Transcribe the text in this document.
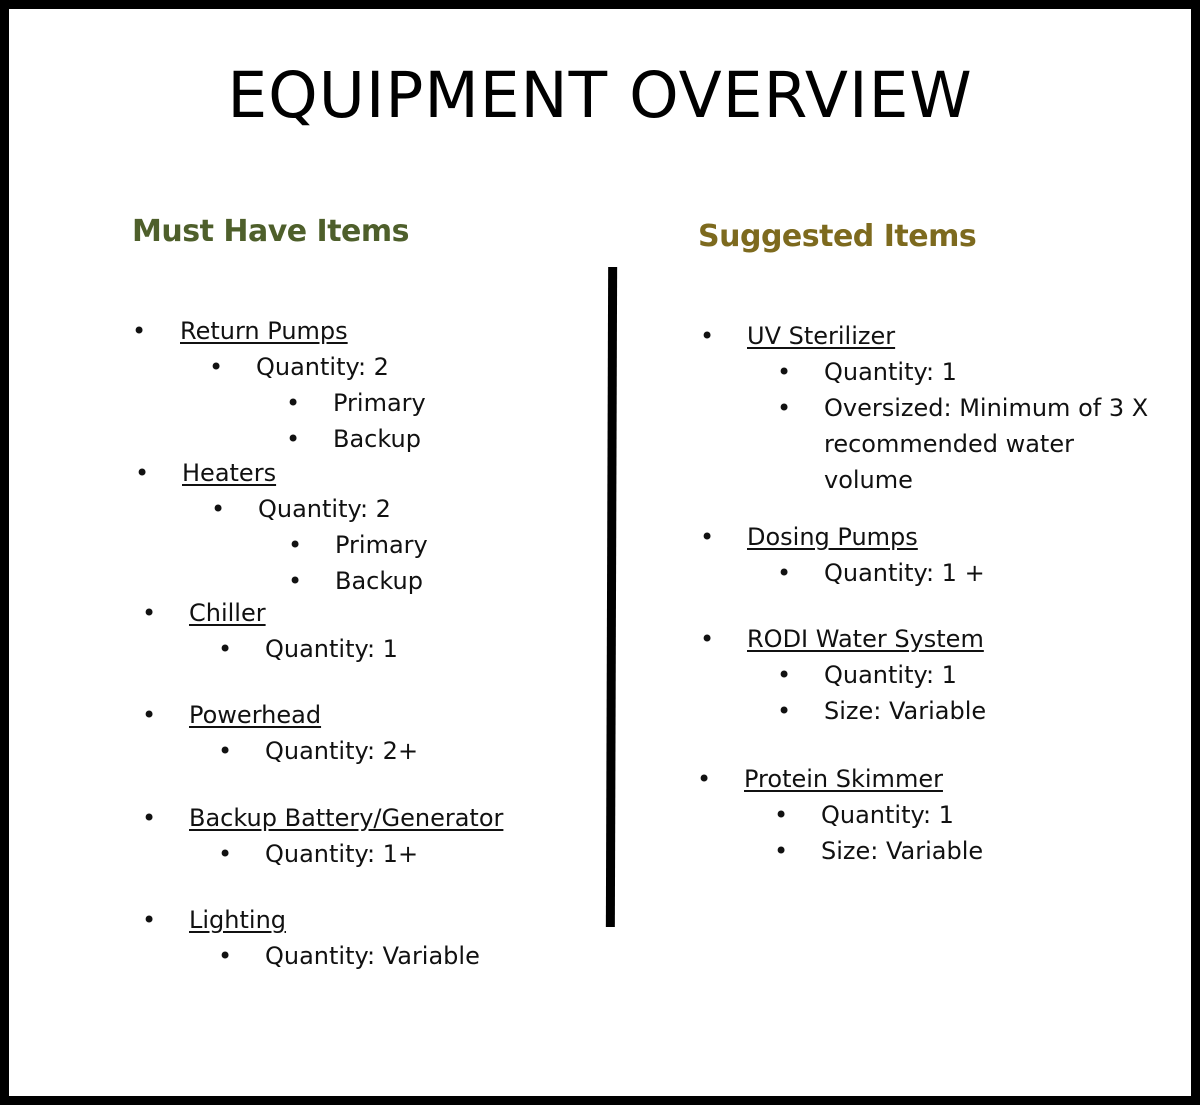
EQUIPMENT OVERVIEW
Must Have Items	Suggested Items
• Return Pumps
• Quantity: 2
• Primary
• Backup
• Heaters
• Quantity: 2
• Primary
• Backup
• Chiller
• Quantity: 1
• Powerhead
• Quantity: 2+
• Backup Battery/Generator
• Quantity: 1+
• Lighting
• Quantity: Variable
• UV Sterilizer
• Quantity: 1
• Oversized: Minimum of 3 X
recommended water
volume
• Dosing Pumps
• Quantity: 1 +
• RODI Water System
• Quantity: 1
• Size: Variable
• Protein Skimmer
• Quantity: 1
• Size: Variable
